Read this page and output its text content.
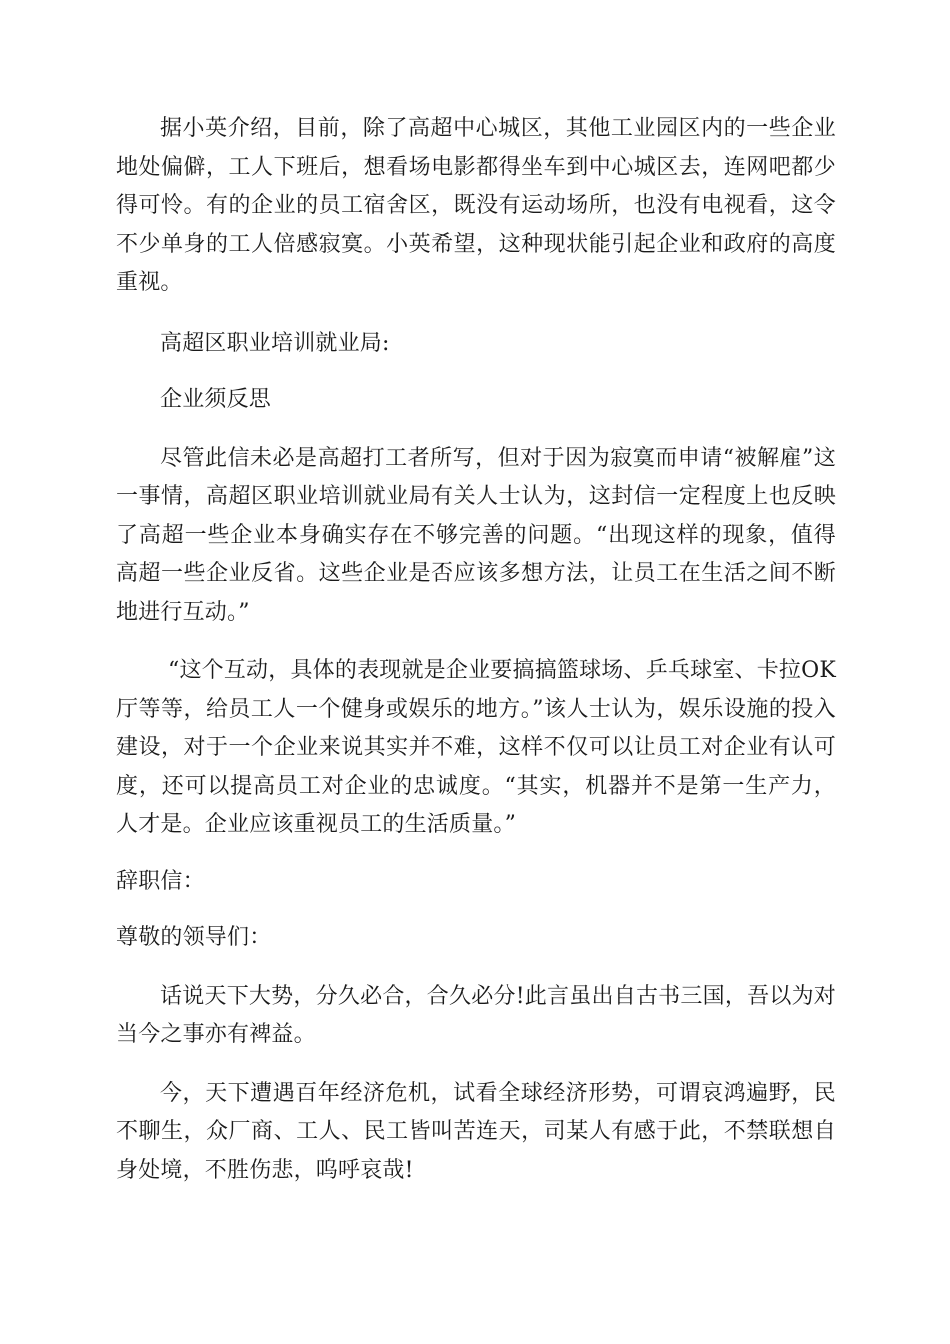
据小英介绍，目前，除了高超中心城区，其他工业园区内的一些企业地处偏僻，工人下班后，想看场电影都得坐车到中心城区去，连网吧都少得可怜。有的企业的员工宿舍区，既没有运动场所，也没有电视看，这令不少单身的工人倍感寂寞。小英希望，这种现状能引起企业和政府的高度重视。

高超区职业培训就业局:

企业须反思

尽管此信未必是高超打工者所写，但对于因为寂寞而申请“被解雇”这一事情，高超区职业培训就业局有关人士认为，这封信一定程度上也反映了高超一些企业本身确实存在不够完善的问题。“出现这样的现象，值得高超一些企业反省。这些企业是否应该多想方法，让员工在生活之间不断地进行互动。”

“这个互动，具体的表现就是企业要搞搞篮球场、乒乓球室、卡拉OK厅等等，给员工人一个健身或娱乐的地方。”该人士认为，娱乐设施的投入建设，对于一个企业来说其实并不难，这样不仅可以让员工对企业有认可度，还可以提高员工对企业的忠诚度。“其实，机器并不是第一生产力，人才是。企业应该重视员工的生活质量。”

辞职信：

尊敬的领导们：

话说天下大势，分久必合，合久必分!此言虽出自古书三国，吾以为对当今之事亦有裨益。

今，天下遭遇百年经济危机，试看全球经济形势，可谓哀鸿遍野，民不聊生，众厂商、工人、民工皆叫苦连天，司某人有感于此，不禁联想自身处境，不胜伤悲，呜呼哀哉!
